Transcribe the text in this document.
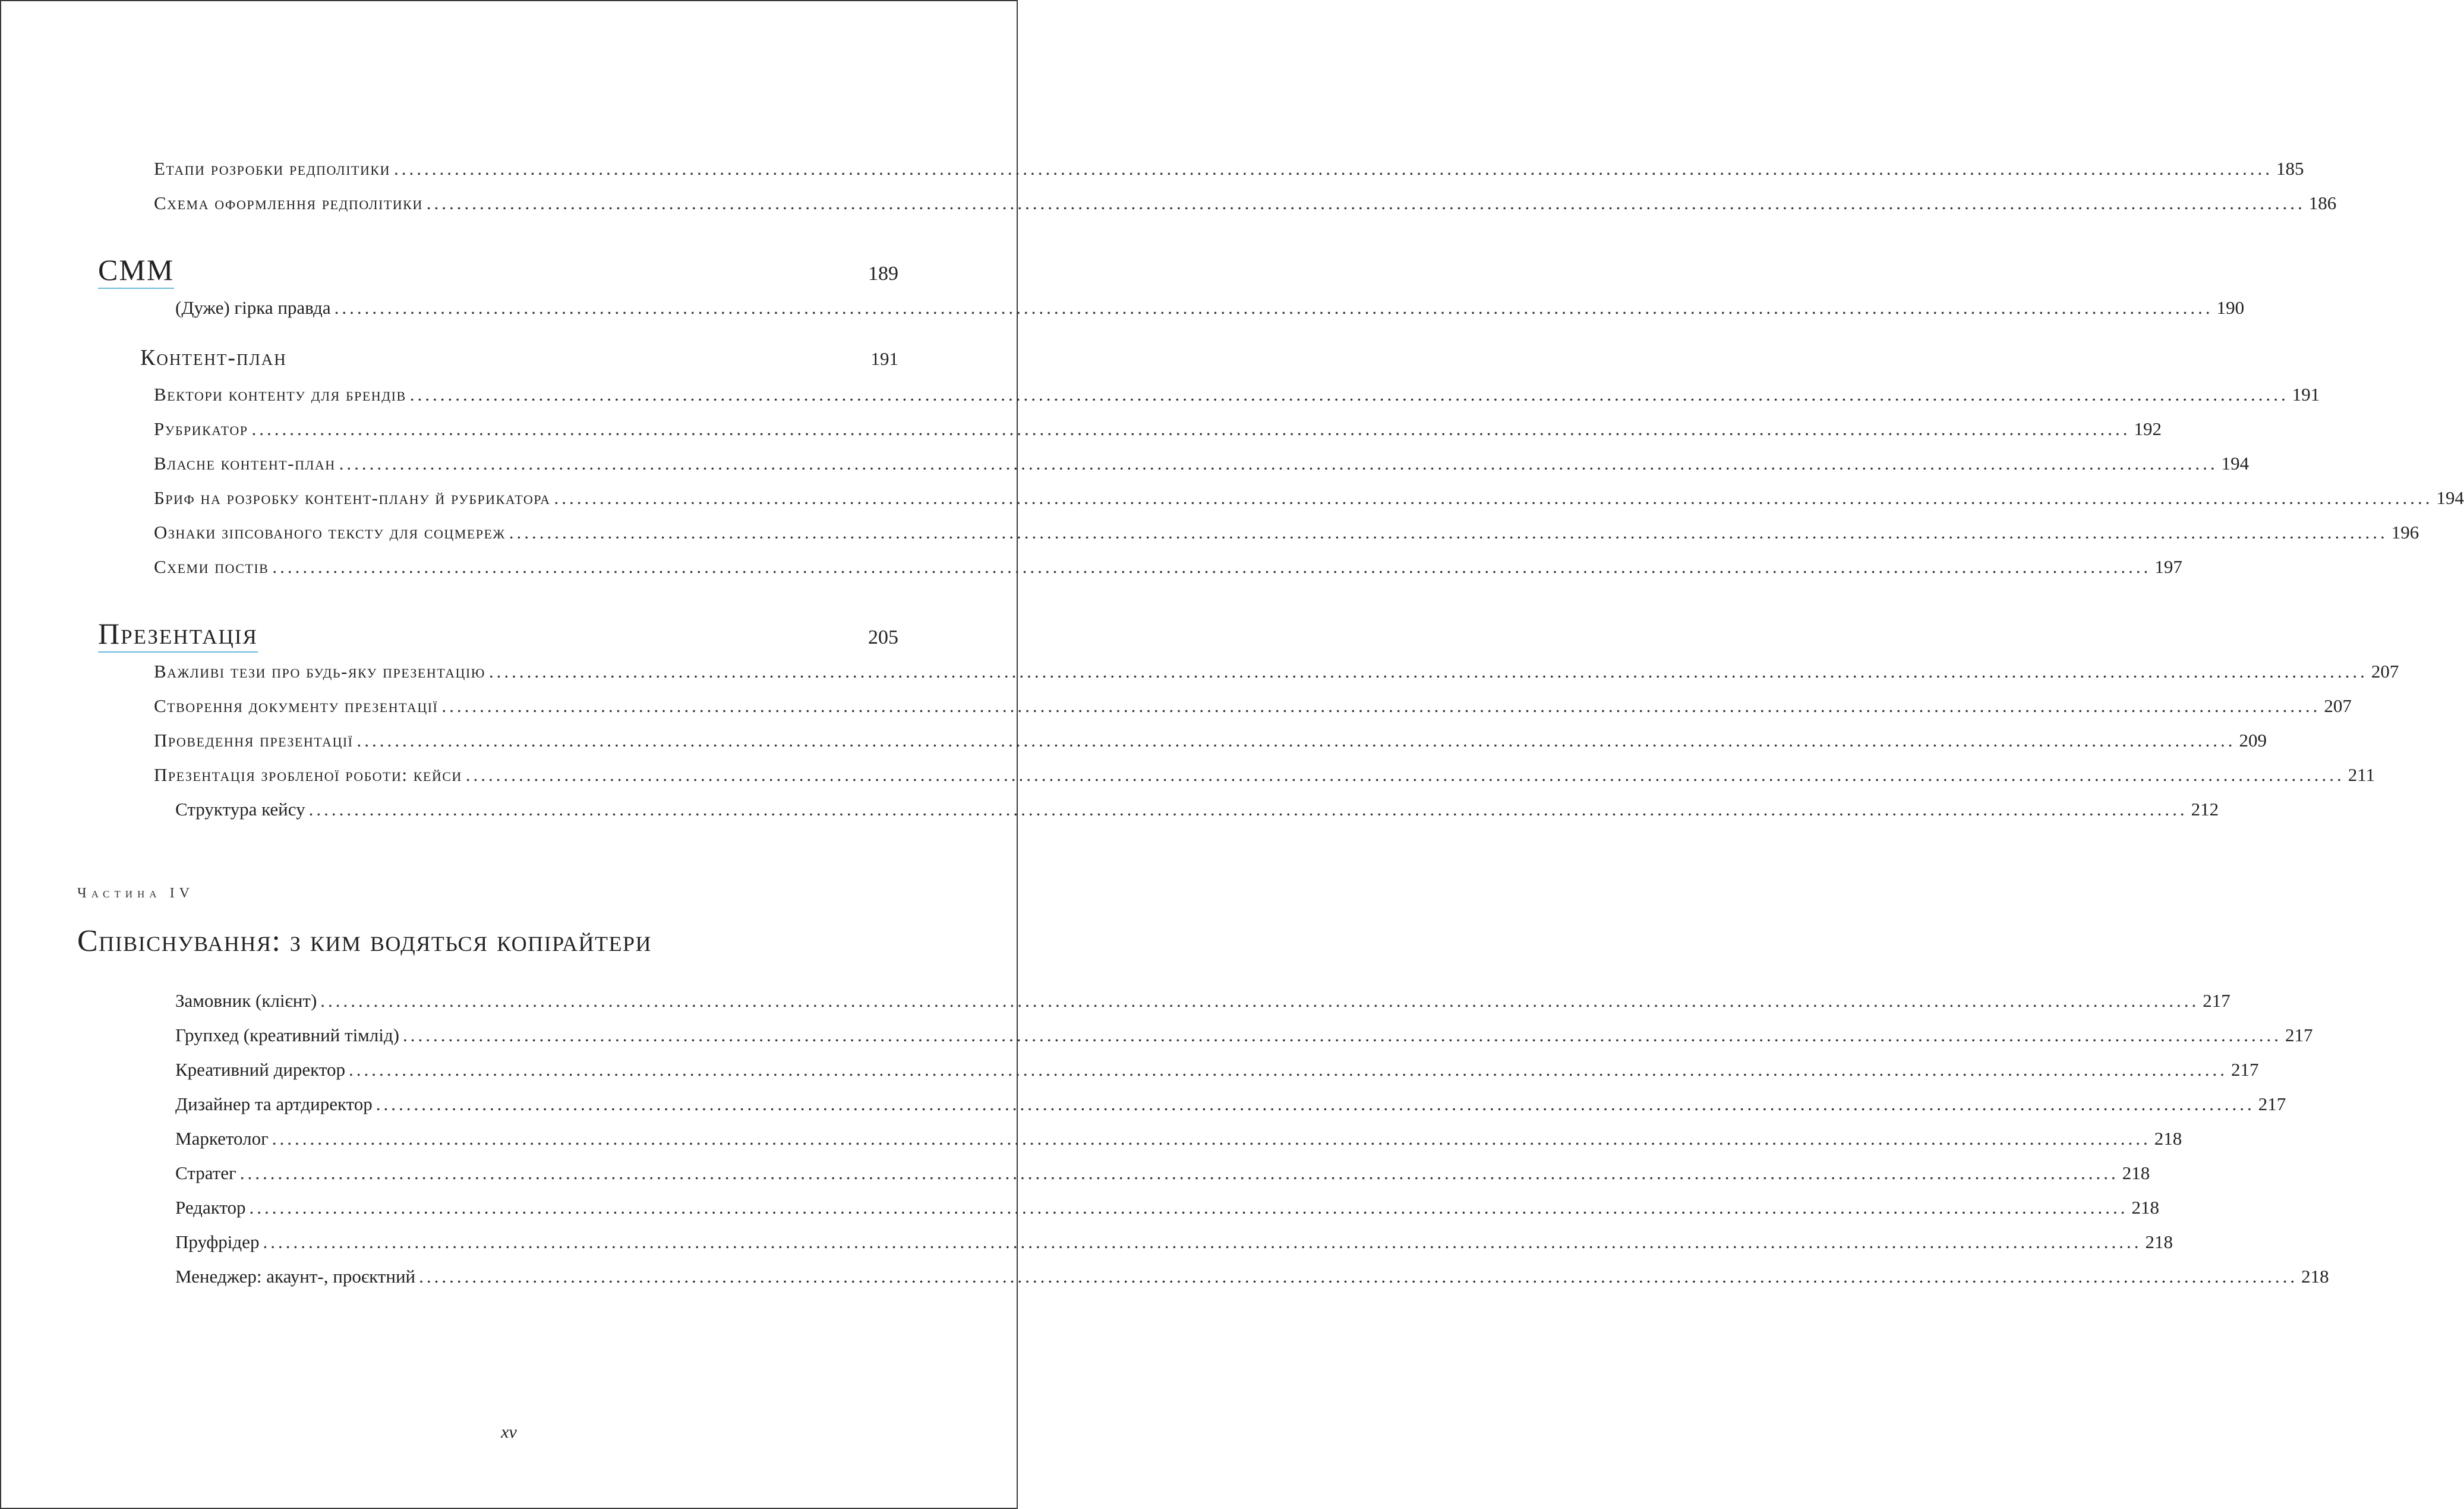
Етапи розробки редполітики ........................................................................................................................................................................................................................................................ 185
Схема оформлення редполітики ........................................................................................................................................................................................................................................................ 186
СММ	189
(Дуже) гірка правда ........................................................................................................................................................................................................................................................ 190
Контент-план	191
Вектори контенту для брендів ........................................................................................................................................................................................................................................................ 191
Рубрикатор ........................................................................................................................................................................................................................................................ 192
Власне контент-план ........................................................................................................................................................................................................................................................ 194
Бриф на розробку контент-плану й рубрикатора ........................................................................................................................................................................................................................................................ 194
Ознаки зіпсованого тексту для соцмереж ........................................................................................................................................................................................................................................................ 196
Схеми постів ........................................................................................................................................................................................................................................................ 197
Презентація	205
Важливі тези про будь-яку презентацію ........................................................................................................................................................................................................................................................ 207
Створення документу презентації ........................................................................................................................................................................................................................................................ 207
Проведення презентації ........................................................................................................................................................................................................................................................ 209
Презентація зробленої роботи: кейси ........................................................................................................................................................................................................................................................ 211
Структура кейсу ........................................................................................................................................................................................................................................................ 212
Частина IV
Співіснування: з ким водяться копірайтери
Замовник (клієнт) ........................................................................................................................................................................................................................................................ 217
Групхед (креативний тімлід) ........................................................................................................................................................................................................................................................ 217
Креативний директор ........................................................................................................................................................................................................................................................ 217
Дизайнер та артдиректор ........................................................................................................................................................................................................................................................ 217
Маркетолог ........................................................................................................................................................................................................................................................ 218
Стратег ........................................................................................................................................................................................................................................................ 218
Редактор ........................................................................................................................................................................................................................................................ 218
Пруфрідер ........................................................................................................................................................................................................................................................ 218
Менеджер: акаунт-, проєктний ........................................................................................................................................................................................................................................................ 218
xv
